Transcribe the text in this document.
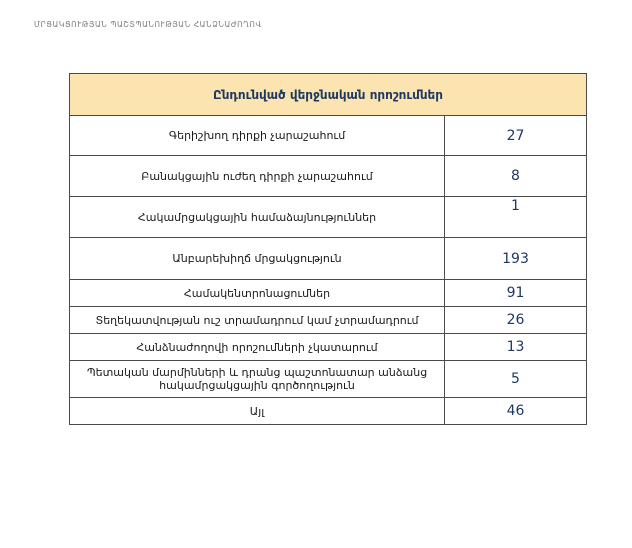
ՄՐՑԱԿՑՈՒԹՅԱՆ ՊԱՇՏՊԱՆՈՒԹՅԱՆ ՀԱՆՁՆԱԺՈՂՈՎ
Ընդունված վերջնական որոշումներ	
Գերիշխող դիրքի չարաշահում	27
Բանակցային ուժեղ դիրքի չարաշահում	8
Հակամրցակցային համաձայնություններ	1
Անբարեխիղճ մրցակցություն	193
Համակենտրոնացումներ	91
Տեղեկատվության ուշ տրամադրում կամ չտրամադրում	26
Հանձնաժողովի որոշումների չկատարում	13
Պետական մարմինների և դրանց պաշտոնատար անձանց հակամրցակցային գործողություն	5
Այլ	46
